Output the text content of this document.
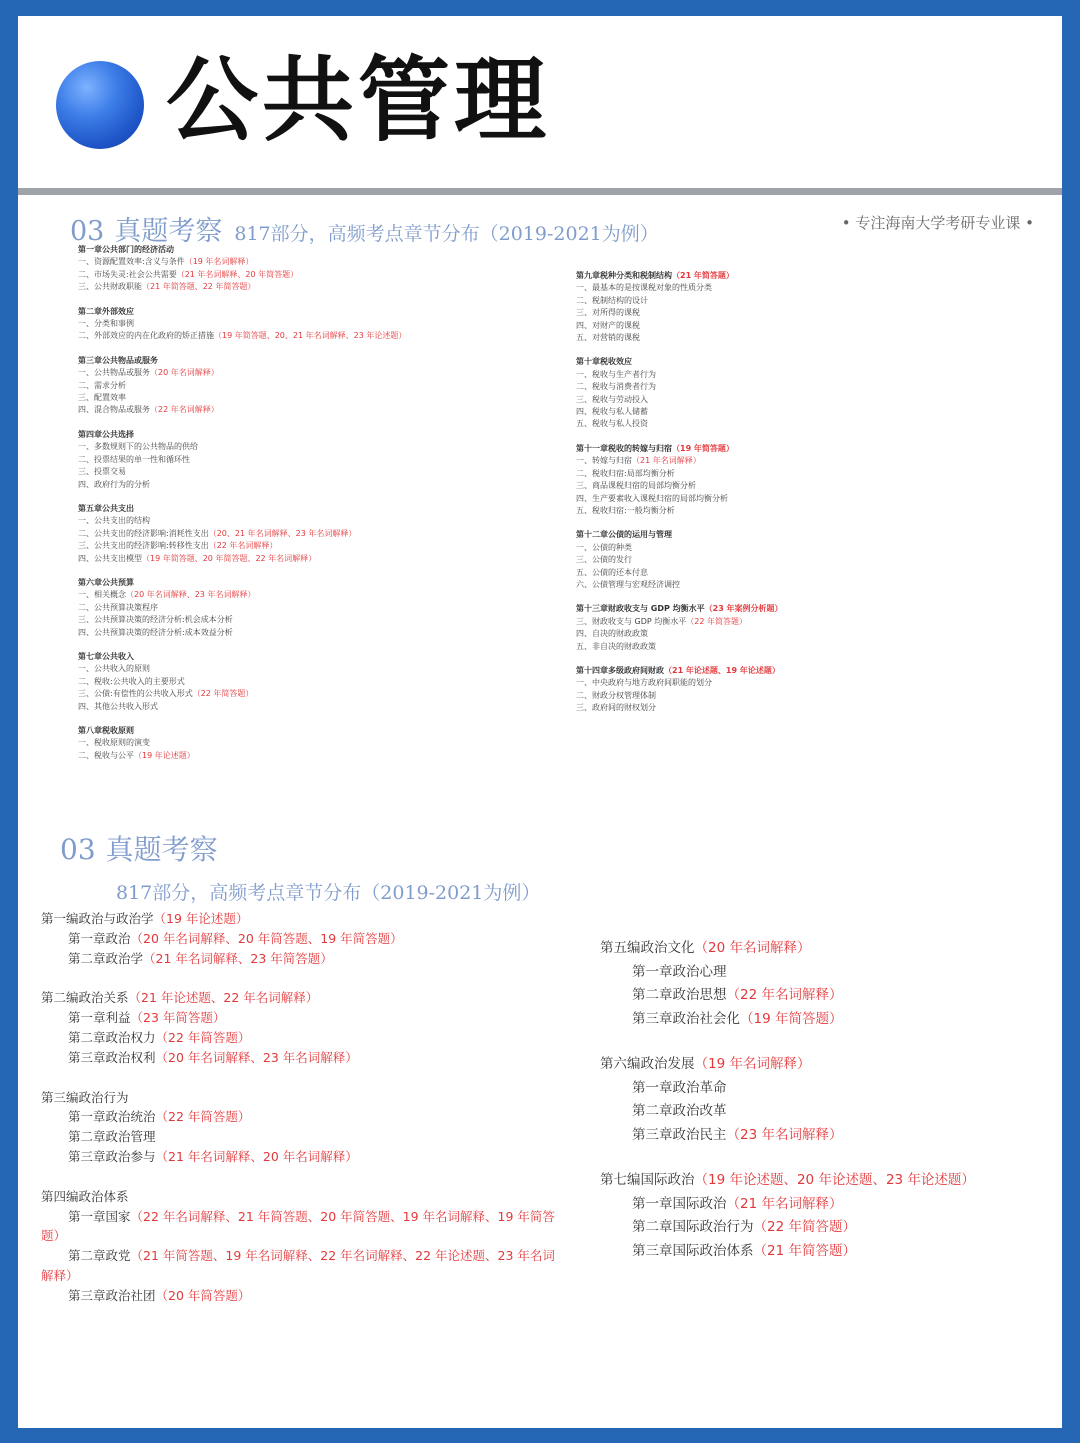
公共管理
03 真题考察 817部分，高频考点章节分布（2019-2021为例）	• 专注海南大学考研专业课 •
第一章公共部门的经济活动
一、资源配置效率:含义与条件（19 年名词解释）
二、市场失灵:社会公共需要（21 年名词解释、20 年简答题）
三、公共财政职能（21 年简答题、22 年简答题）
第二章外部效应
一、分类和事例
二、外部效应的内在化政府的矫正措施（19 年简答题、20、21 年名词解释、23 年论述题）
第三章公共物品或服务
一、公共物品或服务（20 年名词解释）
二、需求分析
三、配置效率
四、混合物品或服务（22 年名词解释）
第四章公共选择
一、多数规则下的公共物品的供给
二、投票结果的单一性和循环性
三、投票交易
四、政府行为的分析
第五章公共支出
一、公共支出的结构
二、公共支出的经济影响:消耗性支出（20、21 年名词解释、23 年名词解释）
三、公共支出的经济影响:转移性支出（22 年名词解释）
四、公共支出模型（19 年简答题、20 年简答题、22 年名词解释）
第六章公共预算
一、相关概念（20 年名词解释、23 年名词解释）
二、公共预算决策程序
三、公共预算决策的经济分析:机会成本分析
四、公共预算决策的经济分析:成本效益分析
第七章公共收入
一、公共收入的原则
二、税收:公共收入的主要形式
三、公债:有偿性的公共收入形式（22 年简答题）
四、其他公共收入形式
第八章税收原则
一、税收原则的演变
二、税收与公平（19 年论述题）
第九章税种分类和税制结构（21 年简答题）
一、最基本的是按课税对象的性质分类
二、税制结构的设计
三、对所得的课税
四、对财产的课税
五、对营销的课税
第十章税收效应
一、税收与生产者行为
二、税收与消费者行为
三、税收与劳动投入
四、税收与私人储蓄
五、税收与私人投资
第十一章税收的转嫁与归宿（19 年简答题）
一、转嫁与归宿（21 年名词解释）
二、税收归宿:局部均衡分析
三、商品课税归宿的局部均衡分析
四、生产要素收入课税归宿的局部均衡分析
五、税收归宿:一般均衡分析
第十二章公债的运用与管理
一、公债的种类
三、公债的发行
五、公债的还本付息
六、公债管理与宏观经济调控
第十三章财政收支与 GDP 均衡水平（23 年案例分析题）
三、财政收支与 GDP 均衡水平（22 年简答题）
四、自决的财政政策
五、非自决的财政政策
第十四章多级政府间财政（21 年论述题、19 年论述题）
一、中央政府与地方政府间职能的划分
二、财政分权管理体制
三、政府间的财权划分
03 真题考察
817部分，高频考点章节分布（2019-2021为例）
第一编政治与政治学（19 年论述题）
第一章政治（20 年名词解释、20 年简答题、19 年简答题）
第二章政治学（21 年名词解释、23 年简答题）
第二编政治关系（21 年论述题、22 年名词解释）
第一章利益（23 年简答题）
第二章政治权力（22 年简答题）
第三章政治权利（20 年名词解释、23 年名词解释）
第三编政治行为
第一章政治统治（22 年简答题）
第二章政治管理
第三章政治参与（21 年名词解释、20 年名词解释）
第四编政治体系
第一章国家（22 年名词解释、21 年简答题、20 年简答题、19 年名词解释、19 年简答
题）
第二章政党（21 年简答题、19 年名词解释、22 年名词解释、22 年论述题、23 年名词
解释）
第三章政治社团（20 年简答题）
第五编政治文化（20 年名词解释）
第一章政治心理
第二章政治思想（22 年名词解释）
第三章政治社会化（19 年简答题）
第六编政治发展（19 年名词解释）
第一章政治革命
第二章政治改革
第三章政治民主（23 年名词解释）
第七编国际政治（19 年论述题、20 年论述题、23 年论述题）
第一章国际政治（21 年名词解释）
第二章国际政治行为（22 年简答题）
第三章国际政治体系（21 年简答题）
